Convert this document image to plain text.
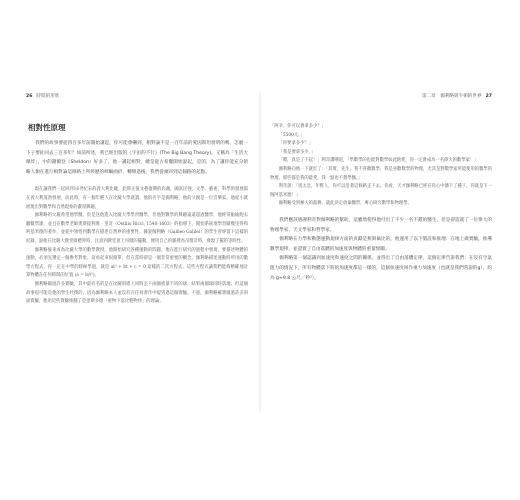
26 時間的形狀
相對性原理

我們的故事要從四百多年前開始講起，你可能會嚇到，相對論不是一百年前的愛因斯坦發明的嗎，怎麼一下子要扯回去三百多年？如前所述，我已經出版的《宇宙的不行》(The Big Bang Theory)，又稱為「生活大爆炸」，中的謝爾登（Sheldon）好多了，他一講起相對，總是從古希臘開始說起，是的，為了讓你能充分領略人類在進行相對論這條路上所經歷的崎嶇曲折，轉彎過後，我們從頭回到這個路的起點。

現在讓我們一起回到16世紀末的義大利比薩，此時正值文藝復興的高潮，國富民強，文學、藝術、科學的發展都在義大利蓬勃發展，而此時，有一個年輕人在比薩大學就讀，他的名字是伽利略，他的父親是一位音樂家，他從小就展現出對數學和自然現象的濃厚興趣。

伽利略的父親希望他學醫，於是送他進入比薩大學學習醫學，但他對數學的興趣遠遠超過醫學，他經常偷偷跑去聽數學課，並且在數學老師奧斯提利奧‧里奇（Ostilio Ricci, 1540-1603）的指導下，開始系統地學習歐幾里得和阿基米德的著作，並從中領悟到數學在描述自然界的重要性。據說伽利略（Galileo Galilei）的學生曾經留下這樣的紀錄，說他在比薩大教堂做禮拜時，注意到教堂頂上吊燈的擺動，便用自己的脈搏為吊燈計時，發現了擺的等時性。

伽利略後來成為比薩大學的數學教授，他開始研究各種運動的問題。他在進行研究的過程中發現，要描述物體的運動，必須先選定一個參考對象。這看起來很簡單，但在當時卻是一個非常重要的觀念。伽利略描述運動時所用的數學方程式，你一定在中學的時候學過，就是 at² + bt + c = 0 這樣的二次方程式，這些方程式讓我們能夠精確地計算物體在任何時間的位置 (a = b/t²)。

伽利略做過許多實驗，其中最有名的是在比薩斜塔上同時丟下兩個重量不同的球，結果兩個球同時落地。但這個故事很可能是他的學生杜撰的，因為伽利略本人並沒有在任何著作中提到過這個實驗。不過，伽利略確實做過許多斜面實驗，他用這些實驗推翻了亞里斯多德「重物下落比輕物快」的理論。

第二章　伽利略與牛頓的世界 27

「阿幸，你可以會拿多少？」

「5500元。」

「你要拿多少？」

「我是要拿多少。」

「嗯，真是了不起！」利奇讚嘆道，「學數學的也能對數學如此熱愛，你一定會成為一名偉大的數學家！」

伽利略向他一下就紅了：「其實，先生，我不喜歡數學，我是喜歡數學的物理，尤其是對數學家所能使用的數學的物理，那些都是我的最愛，我一點也不想學醫。」

利奇說：「別太急，年輕人，你可以沿著這條路走下去。你看，天才伽利略已經在你心中播下了種子，你就是下一個阿基米德！」

伽利略受到極大的鼓舞，就此決定放棄醫學，專心研究數學和物理學。

我們應該感謝利奇對伽利略的幫助，這雖然使得他付出了不少一名不錯的醫生，但是卻造就了一位偉大的物理學家、天文學家和哲學家。

伽利略在力學和動態運動規律方面的貢獻是無與倫比的，他運用了以下假設和推理：在地上做實驗，推導數學規律，並證實了自由落體的加速度與物體的重量無關。

伽利略第一個認識到加速度和速度之間的關係，並得出了自由落體定律，這個定律告訴我們：在沒有空氣阻力的情況下，所有物體落下時的加速度都是一樣的，這個加速度叫作重力加速度（也就是我們常說的g），約為 g≈9.8 公尺／秒²）。
